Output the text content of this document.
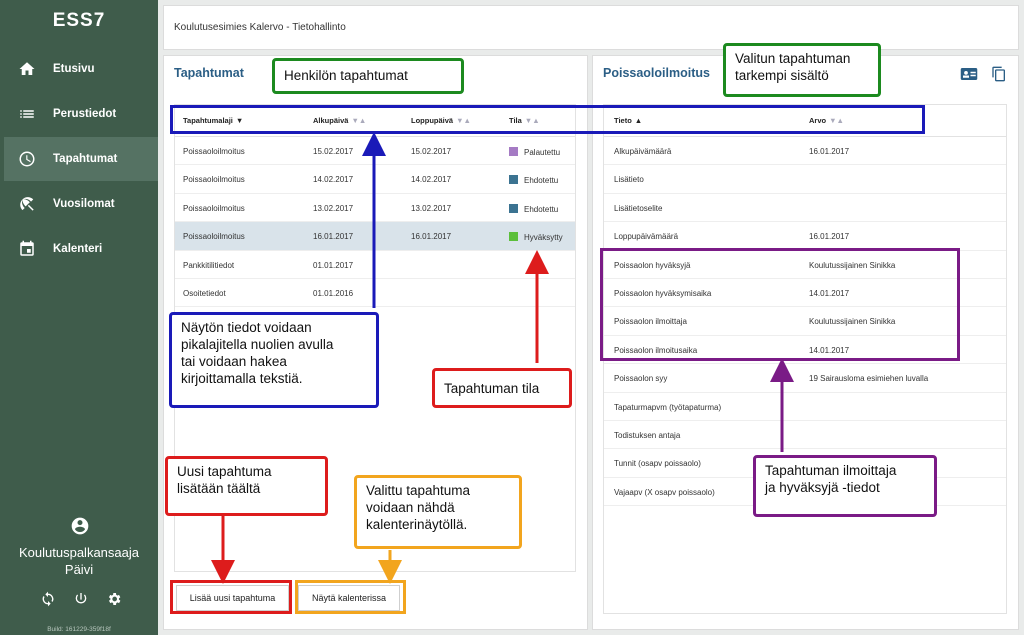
ESS7
Etusivu
Perustiedot
Tapahtumat
Vuosilomat
Kalenteri
Koulutuspalkansaaja
Päivi
Build: 161229-359f18f
Koulutusesimies Kalervo - Tietohallinto
Tapahtumat
Tapahtumalaji ▼	Alkupäivä ▼▲	Loppupäivä ▼▲	Tila ▼▲
Poissaoloilmoitus	15.02.2017	15.02.2017	Palautettu
Poissaoloilmoitus	14.02.2017	14.02.2017	Ehdotettu
Poissaoloilmoitus	13.02.2017	13.02.2017	Ehdotettu
Poissaoloilmoitus	16.01.2017	16.01.2017	Hyväksytty
Pankkitilitiedot	01.01.2017
Osoitetiedot	01.01.2016
Lisää uusi tapahtuma	Näytä kalenterissa
Poissaoloilmoitus
Tieto ▲	Arvo ▼▲
Alkupäivämäärä	16.01.2017
Lisätieto
Lisätietoselite
Loppupäivämäärä	16.01.2017
Poissaolon hyväksyjä	Koulutussijainen Sinikka
Poissaolon hyväksymisaika	14.01.2017
Poissaolon ilmoittaja	Koulutussijainen Sinikka
Poissaolon ilmoitusaika	14.01.2017
Poissaolon syy	19 Sairausloma esimiehen luvalla
Tapaturmapvm (työtapaturma)
Todistuksen antaja
Tunnit (osapv poissaolo)
Vajaapv (X osapv poissaolo)
Henkilön tapahtumat
Valitun tapahtuman
tarkempi sisältö
Näytön tiedot voidaan
pikalajitella nuolien avulla
tai voidaan hakea
kirjoittamalla tekstiä.
Tapahtuman tila
Uusi tapahtuma
lisätään täältä	Valittu tapahtuma
voidaan nähdä
kalenterinäytöllä.
Tapahtuman ilmoittaja
ja hyväksyjä -tiedot
